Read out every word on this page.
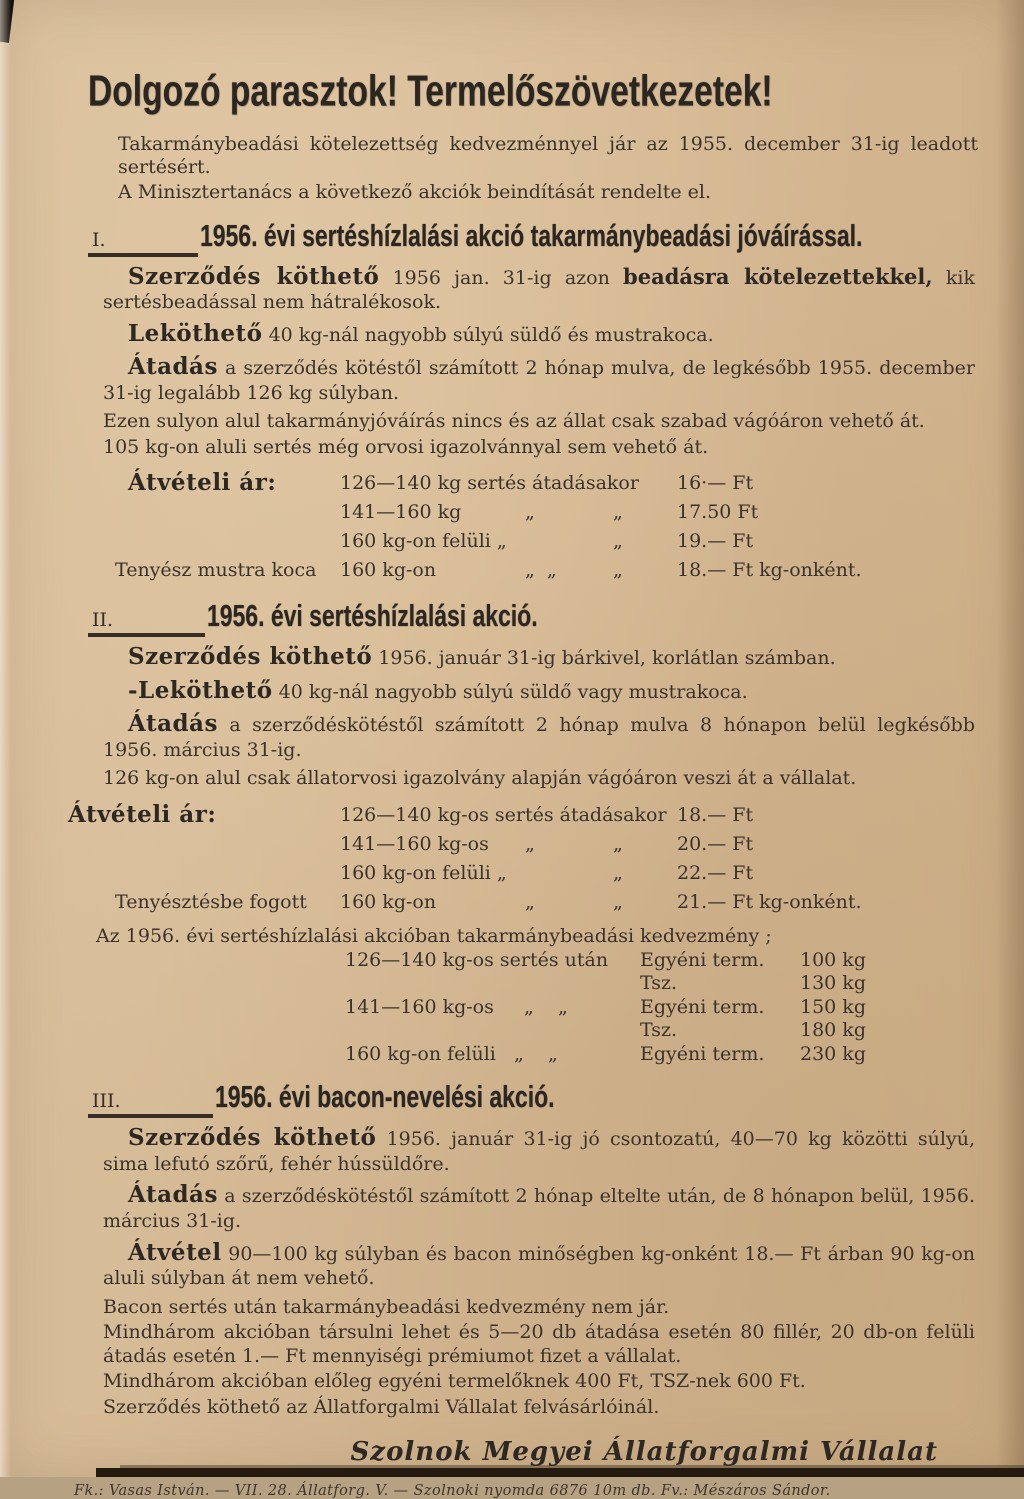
Dolgozó parasztok! Termelőszövetkezetek!

Takarmánybeadási kötelezettség kedvezménnyel jár az 1955. december 31-ig leadott sertésért.

A Minisztertanács a következő akciók beindítását rendelte el.

I.	1956. évi sertéshízlalási akció takarmánybeadási jóváírással.

Szerződés köthető 1956 jan. 31-ig azon beadásra kötelezettekkel, kik sertésbeadással nem hátralékosok.

Leköthető 40 kg-nál nagyobb súlyú süldő és mustrakoca.

Átadás a szerződés kötéstől számított 2 hónap mulva, de legkésőbb 1955. december 31-ig legalább 126 kg súlyban.

Ezen sulyon alul takarmányjóváírás nincs és az állat csak szabad vágóáron vehető át.

105 kg-on aluli sertés még orvosi igazolvánnyal sem vehető át.

Átvételi ár:	126—140 kg sertés átadásakor	16·— Ft
141—160 kg	„	„	17.50 Ft
160 kg-on felüli „	„	19.— Ft
Tenyész mustra koca	160 kg-on	„  „	„	18.— Ft kg-onként.
II.	1956. évi sertéshízlalási akció.

Szerződés köthető 1956. január 31-ig bárkivel, korlátlan számban.

-Leköthető 40 kg-nál nagyobb súlyú süldő vagy mustrakoca.

Átadás a szerződéskötéstől számított 2 hónap mulva 8 hónapon belül legkésőbb 1956. március 31-ig.

126 kg-on alul csak állatorvosi igazolvány alapján vágóáron veszi át a vállalat.

Átvételi ár:	126—140 kg-os sertés átadásakor 18.— Ft
141—160 kg-os	„	„	20.— Ft
160 kg-on felüli „	„	22.— Ft
Tenyésztésbe fogott	160 kg-on	„	„	21.— Ft kg-onként.

Az 1956. évi sertéshízlalási akcióban takarmánybeadási kedvezmény ;

126—140 kg-os sertés után	Egyéni term.	100 kg
Tsz.	130 kg
141—160 kg-os     „    „	Egyéni term.	150 kg
Tsz.	180 kg
160 kg-on felüli   „    „	Egyéni term.	230 kg
III.	1956. évi bacon-nevelési akció.

Szerződés köthető 1956. január 31-ig jó csontozatú, 40—70 kg közötti súlyú, sima lefutó szőrű, fehér hússüldőre.

Átadás a szerződéskötéstől számított 2 hónap eltelte után, de 8 hónapon belül, 1956. március 31-ig.

Átvétel 90—100 kg súlyban és bacon minőségben kg-onként 18.— Ft árban 90 kg-on aluli súlyban át nem vehető.

Bacon sertés után takarmánybeadási kedvezmény nem jár.

Mindhárom akcióban társulni lehet és 5—20 db átadása esetén 80 fillér, 20 db-on felüli átadás esetén 1.— Ft mennyiségi prémiumot fizet a vállalat.

Mindhárom akcióban előleg egyéni termelőknek 400 Ft, TSZ-nek 600 Ft.

Szerződés köthető az Állatforgalmi Vállalat felvásárlóinál.

Szolnok Megyei Állatforgalmi Vállalat
Fk.: Vasas István. — VII. 28. Állatforg. V. — Szolnoki nyomda 6876 10m db. Fv.: Mészáros Sándor.
